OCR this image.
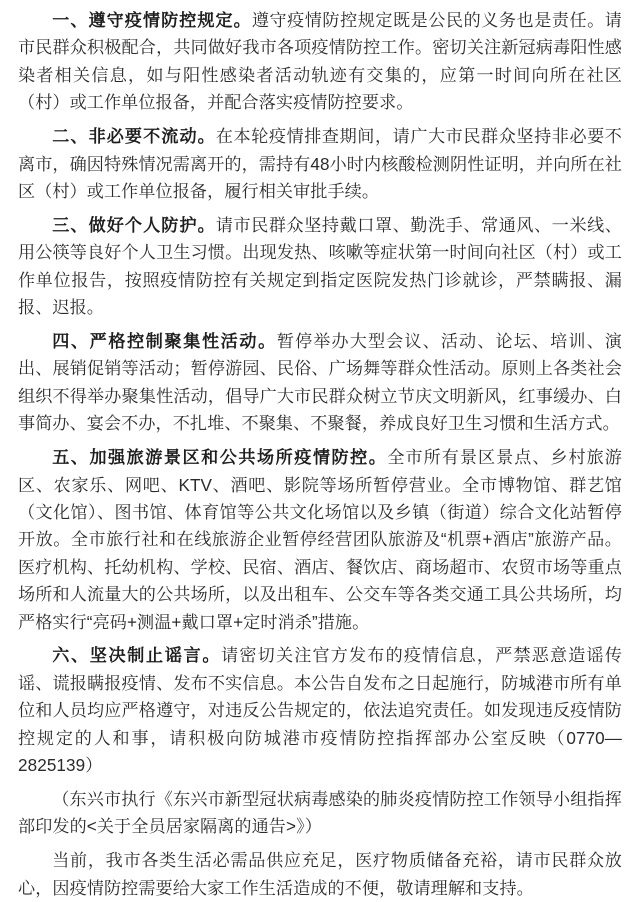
一、遵守疫情防控规定。遵守疫情防控规定既是公民的义务也是责任。请市民群众积极配合，共同做好我市各项疫情防控工作。密切关注新冠病毒阳性感染者相关信息，如与阳性感染者活动轨迹有交集的，应第一时间向所在社区（村）或工作单位报备，并配合落实疫情防控要求。

二、非必要不流动。在本轮疫情排查期间，请广大市民群众坚持非必要不离市，确因特殊情况需离开的，需持有48小时内核酸检测阴性证明，并向所在社区（村）或工作单位报备，履行相关审批手续。

三、做好个人防护。请市民群众坚持戴口罩、勤洗手、常通风、一米线、用公筷等良好个人卫生习惯。出现发热、咳嗽等症状第一时间向社区（村）或工作单位报告，按照疫情防控有关规定到指定医院发热门诊就诊，严禁瞒报、漏报、迟报。

四、严格控制聚集性活动。暂停举办大型会议、活动、论坛、培训、演出、展销促销等活动；暂停游园、民俗、广场舞等群众性活动。原则上各类社会组织不得举办聚集性活动，倡导广大市民群众树立节庆文明新风，红事缓办、白事简办、宴会不办，不扎堆、不聚集、不聚餐，养成良好卫生习惯和生活方式。

五、加强旅游景区和公共场所疫情防控。全市所有景区景点、乡村旅游区、农家乐、网吧、KTV、酒吧、影院等场所暂停营业。全市博物馆、群艺馆（文化馆）、图书馆、体育馆等公共文化场馆以及乡镇（街道）综合文化站暂停开放。全市旅行社和在线旅游企业暂停经营团队旅游及“机票+酒店”旅游产品。医疗机构、托幼机构、学校、民宿、酒店、餐饮店、商场超市、农贸市场等重点场所和人流量大的公共场所，以及出租车、公交车等各类交通工具公共场所，均严格实行“亮码+测温+戴口罩+定时消杀”措施。

六、坚决制止谣言。请密切关注官方发布的疫情信息，严禁恶意造谣传谣、谎报瞒报疫情、发布不实信息。本公告自发布之日起施行，防城港市所有单位和人员均应严格遵守，对违反公告规定的，依法追究责任。如发现违反疫情防控规定的人和事，请积极向防城港市疫情防控指挥部办公室反映（0770—2825139）

（东兴市执行《东兴市新型冠状病毒感染的肺炎疫情防控工作领导小组指挥部印发的<关于全员居家隔离的通告>》）

当前，我市各类生活必需品供应充足，医疗物质储备充裕，请市民群众放心，因疫情防控需要给大家工作生活造成的不便，敬请理解和支持。
